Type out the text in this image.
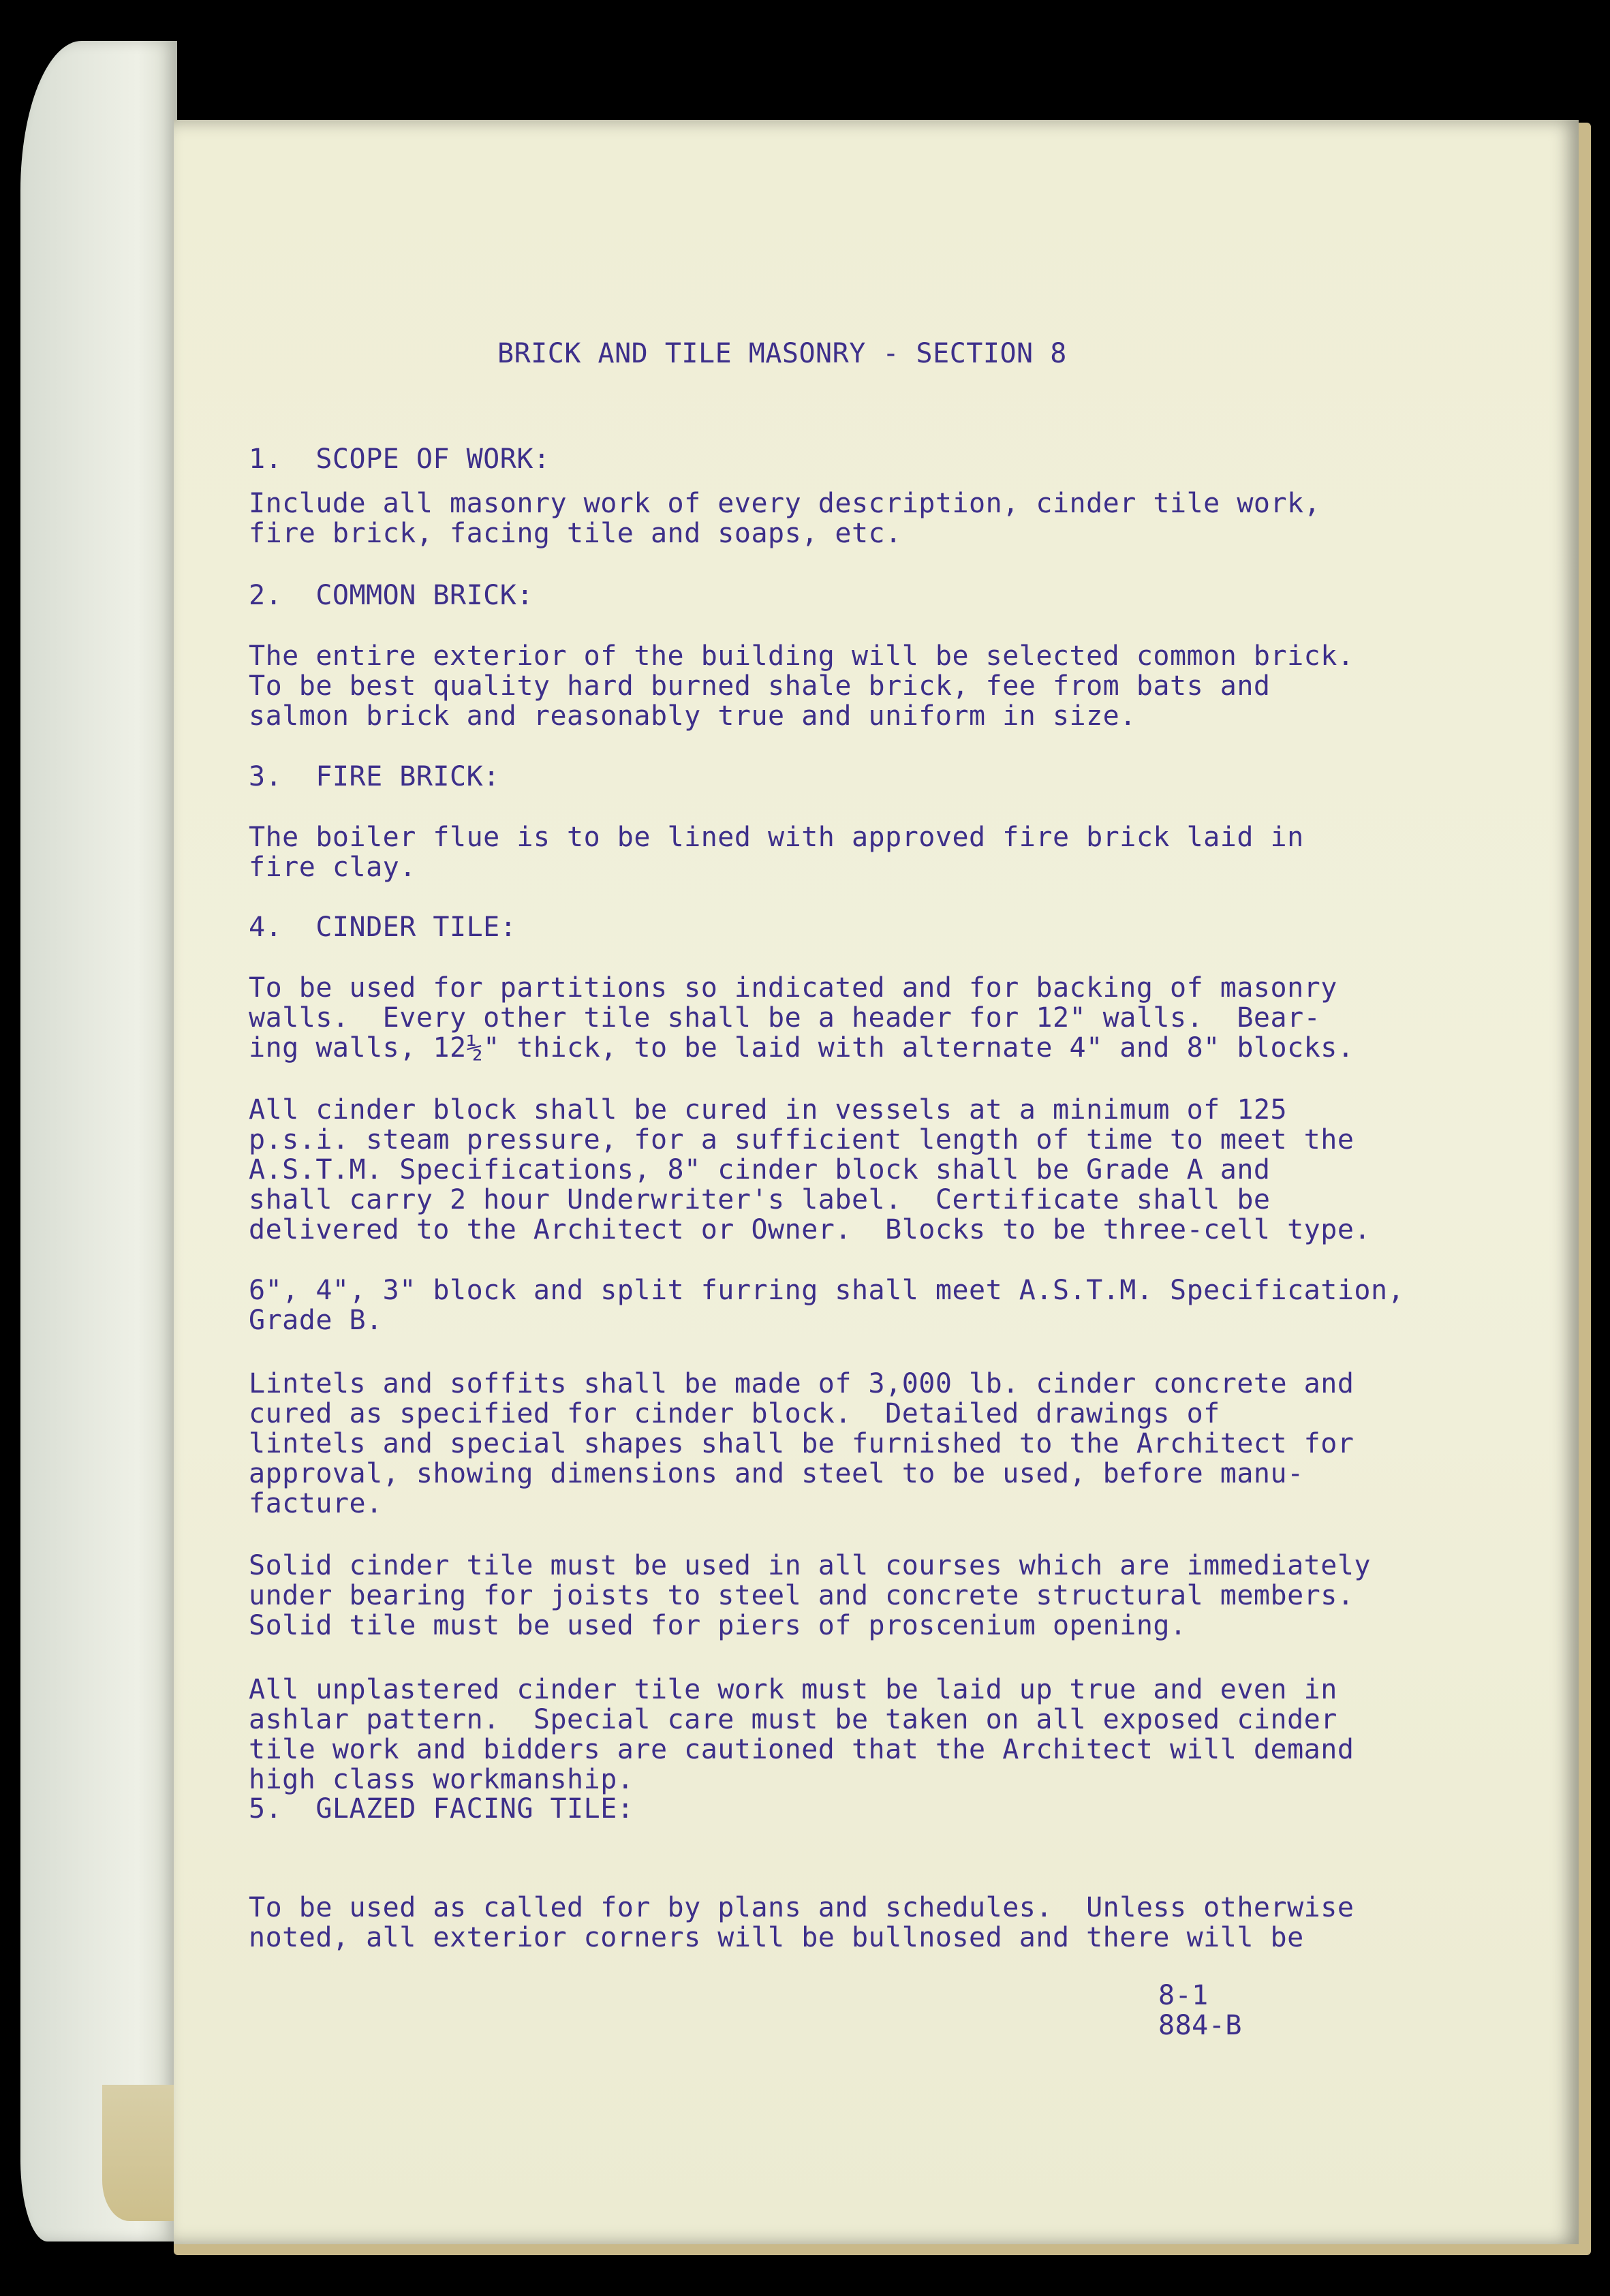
BRICK AND TILE MASONRY - SECTION 8

1.  SCOPE OF WORK:

Include all masonry work of every description, cinder tile work,
fire brick, facing tile and soaps, etc.

2.  COMMON BRICK:

The entire exterior of the building will be selected common brick.
To be best quality hard burned shale brick, fee from bats and
salmon brick and reasonably true and uniform in size.

3.  FIRE BRICK:

The boiler flue is to be lined with approved fire brick laid in
fire clay.

4.  CINDER TILE:

To be used for partitions so indicated and for backing of masonry
walls.  Every other tile shall be a header for 12" walls.  Bear-
ing walls, 12½" thick, to be laid with alternate 4" and 8" blocks.

All cinder block shall be cured in vessels at a minimum of 125
p.s.i. steam pressure, for a sufficient length of time to meet the
A.S.T.M. Specifications, 8" cinder block shall be Grade A and
shall carry 2 hour Underwriter's label.  Certificate shall be
delivered to the Architect or Owner.  Blocks to be three-cell type.

6", 4", 3" block and split furring shall meet A.S.T.M. Specification,
Grade B.

Lintels and soffits shall be made of 3,000 lb. cinder concrete and
cured as specified for cinder block.  Detailed drawings of
lintels and special shapes shall be furnished to the Architect for
approval, showing dimensions and steel to be used, before manu-
facture.

Solid cinder tile must be used in all courses which are immediately
under bearing for joists to steel and concrete structural members.
Solid tile must be used for piers of proscenium opening.

All unplastered cinder tile work must be laid up true and even in
ashlar pattern.  Special care must be taken on all exposed cinder
tile work and bidders are cautioned that the Architect will demand
high class workmanship.

5.  GLAZED FACING TILE:

To be used as called for by plans and schedules.  Unless otherwise
noted, all exterior corners will be bullnosed and there will be

8-1
884-B
